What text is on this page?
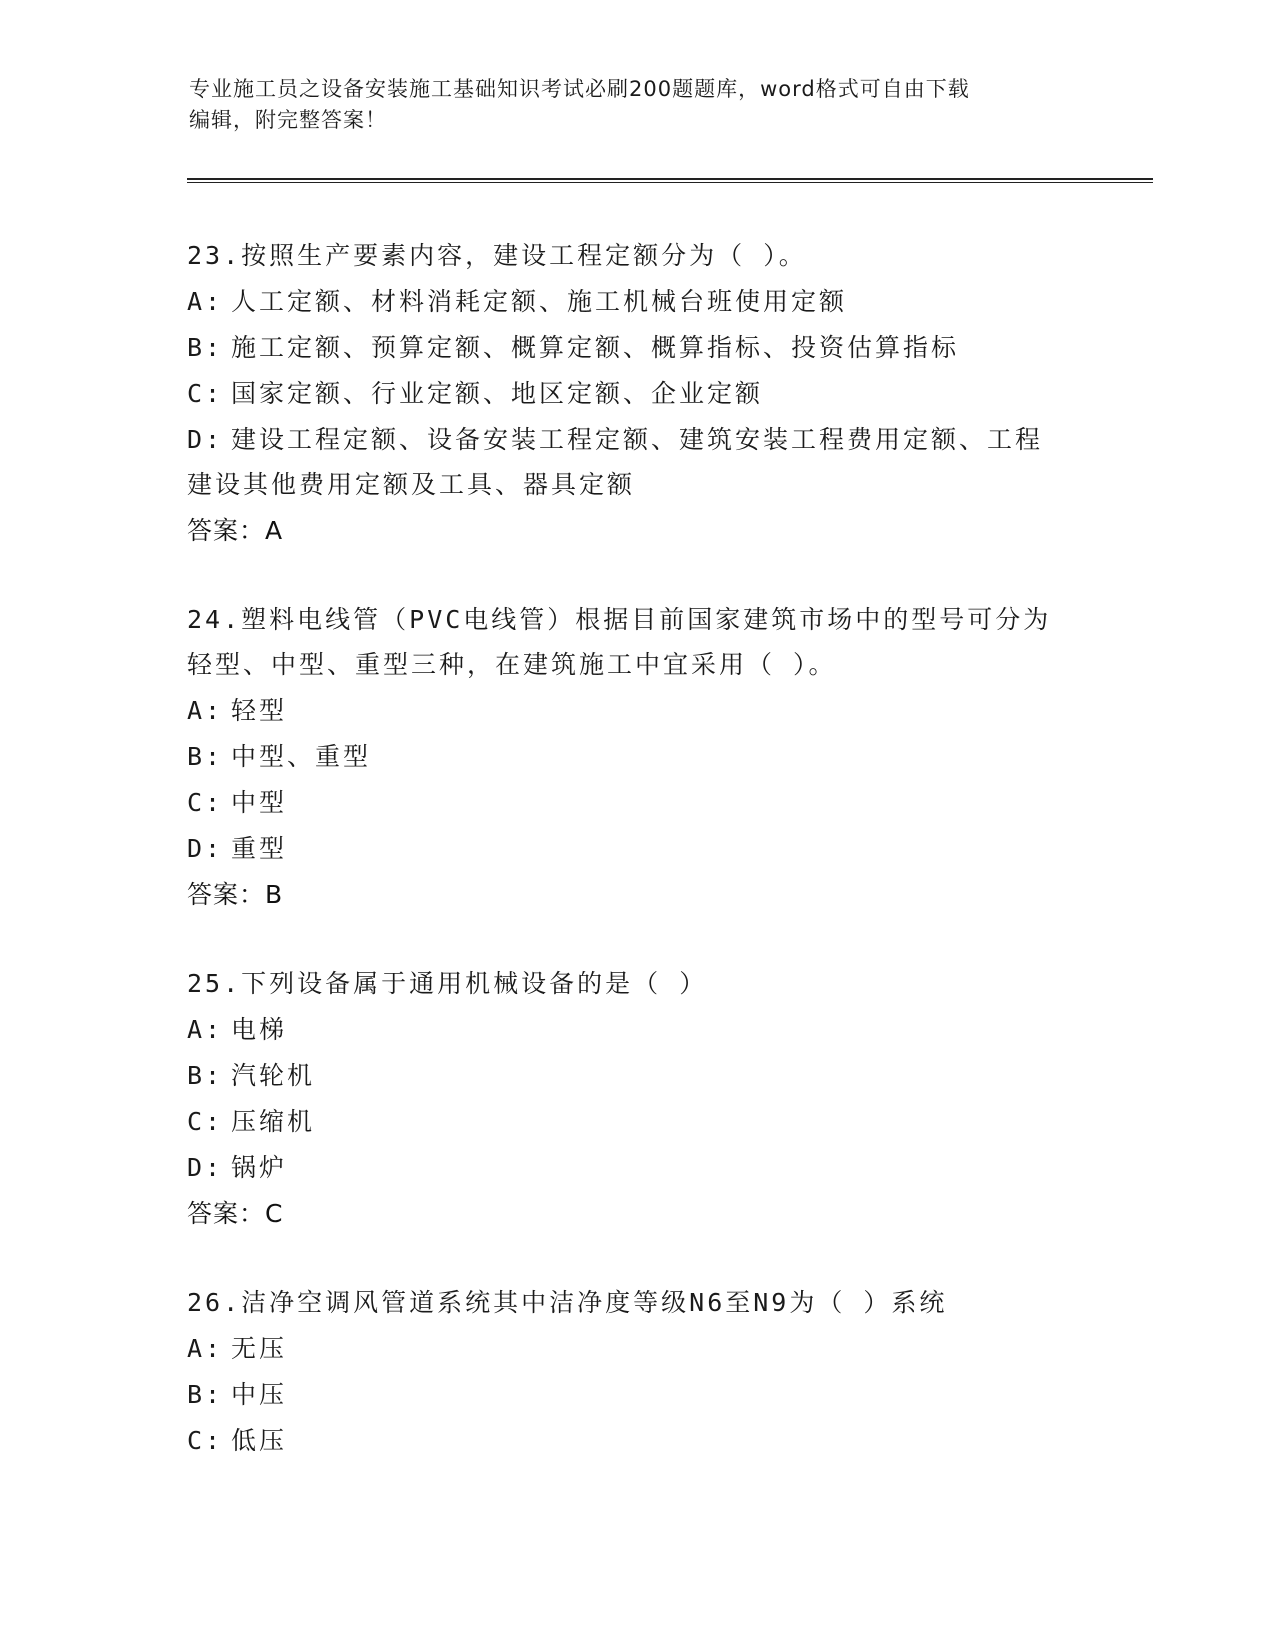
专业施工员之设备安装施工基础知识考试必刷200题题库，word格式可自由下载
编辑，附完整答案！
23.按照生产要素内容，建设工程定额分为（ ）。
A: 人工定额、材料消耗定额、施工机械台班使用定额
B: 施工定额、预算定额、概算定额、概算指标、投资估算指标
C: 国家定额、行业定额、地区定额、企业定额
D: 建设工程定额、设备安装工程定额、建筑安装工程费用定额、工程
建设其他费用定额及工具、器具定额
答案：A
24.塑料电线管（PVC电线管）根据目前国家建筑市场中的型号可分为
轻型、中型、重型三种，在建筑施工中宜采用（ ）。
A: 轻型
B: 中型、重型
C: 中型
D: 重型
答案：B
25.下列设备属于通用机械设备的是（ ）
A: 电梯
B: 汽轮机
C: 压缩机
D: 锅炉
答案：C
26.洁净空调风管道系统其中洁净度等级N6至N9为（ ）系统
A: 无压
B: 中压
C: 低压
